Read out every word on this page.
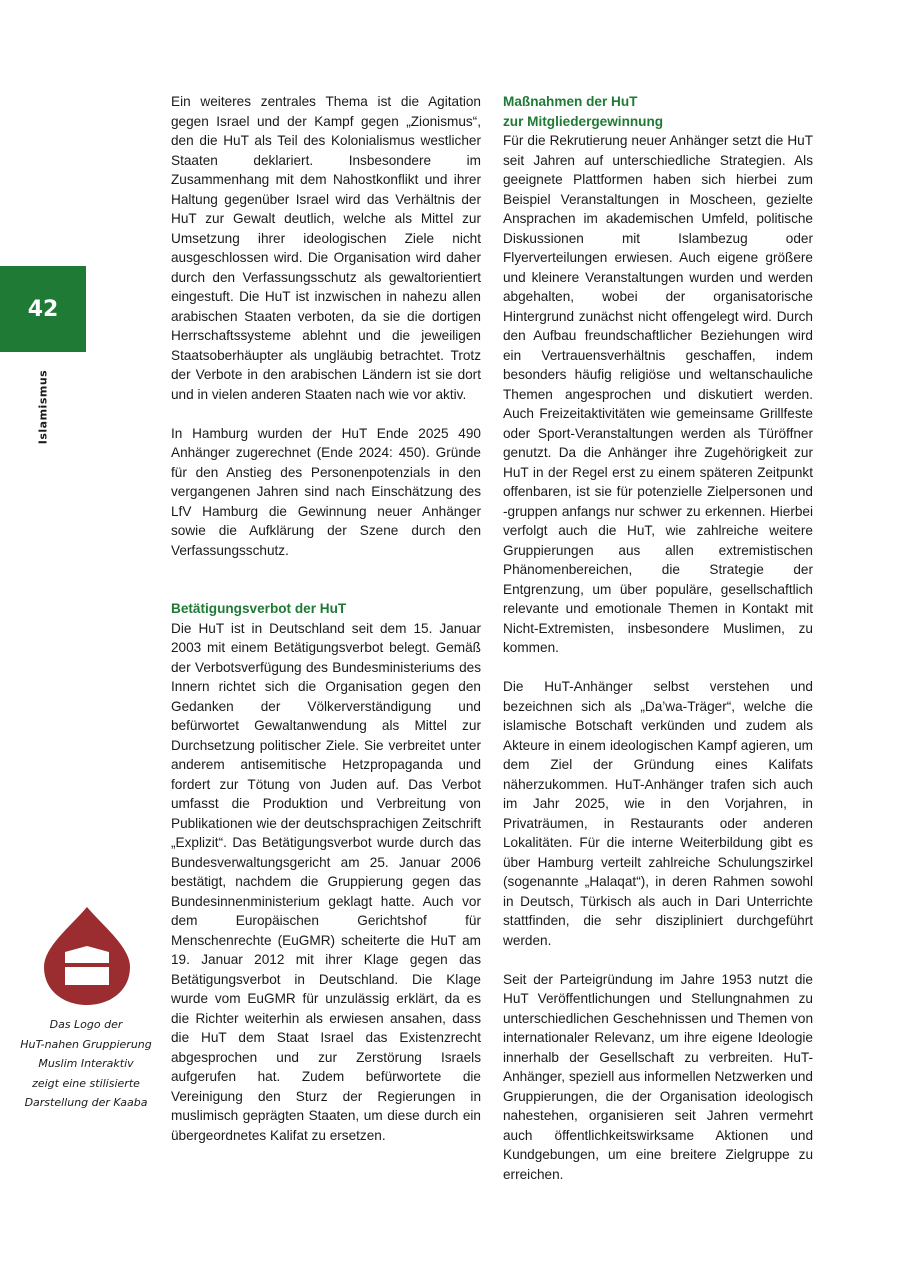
42
Islamismus
Das Logo der
HuT-nahen Gruppierung
Muslim Interaktiv
zeigt eine stilisierte
Darstellung der Kaaba

Ein weiteres zentrales Thema ist die Agitation gegen Israel und der Kampf gegen „Zionismus“, den die HuT als Teil des Kolonialismus westlicher Staaten deklariert. Insbesondere im Zusammenhang mit dem Nahostkonflikt und ihrer Haltung gegenüber Israel wird das Verhältnis der HuT zur Gewalt deutlich, welche als Mittel zur Umsetzung ihrer ideologischen Ziele nicht ausgeschlossen wird. Die Organisation wird daher durch den Verfassungsschutz als gewaltorientiert eingestuft. Die HuT ist inzwischen in nahezu allen arabischen Staaten verboten, da sie die dortigen Herrschaftssysteme ablehnt und die jeweiligen Staatsoberhäupter als ungläubig betrachtet. Trotz der Verbote in den arabischen Ländern ist sie dort und in vielen anderen Staaten nach wie vor aktiv.

In Hamburg wurden der HuT Ende 2025 490 Anhänger zugerechnet (Ende 2024: 450). Gründe für den Anstieg des Personenpotenzials in den vergangenen Jahren sind nach Einschätzung des LfV Hamburg die Gewinnung neuer Anhänger sowie die Aufklärung der Szene durch den Verfassungsschutz.

Betätigungsverbot der HuT

Die HuT ist in Deutschland seit dem 15. Januar 2003 mit einem Betätigungsverbot belegt. Gemäß der Verbotsverfügung des Bundesministeriums des Innern richtet sich die Organisation gegen den Gedanken der Völkerverständigung und befürwortet Gewaltanwendung als Mittel zur Durchsetzung politischer Ziele. Sie verbreitet unter anderem antisemitische Hetzpropaganda und fordert zur Tötung von Juden auf. Das Verbot umfasst die Produktion und Verbreitung von Publikationen wie der deutschsprachigen Zeitschrift „Explizit“. Das Betätigungsverbot wurde durch das Bundesverwaltungsgericht am 25. Januar 2006 bestätigt, nachdem die Gruppierung gegen das Bundesinnenministerium geklagt hatte. Auch vor dem Europäischen Gerichtshof für Menschenrechte (EuGMR) scheiterte die HuT am 19. Januar 2012 mit ihrer Klage gegen das Betätigungsverbot in Deutschland. Die Klage wurde vom EuGMR für unzulässig erklärt, da es die Richter weiterhin als erwiesen ansahen, dass die HuT dem Staat Israel das Existenzrecht abgesprochen und zur Zerstörung Israels aufgerufen hat. Zudem befürwortete die Vereinigung den Sturz der Regierungen in muslimisch geprägten Staaten, um diese durch ein übergeordnetes Kalifat zu ersetzen.

Maßnahmen der HuT
zur Mitgliedergewinnung

Für die Rekrutierung neuer Anhänger setzt die HuT seit Jahren auf unterschiedliche Strategien. Als geeignete Plattformen haben sich hierbei zum Beispiel Veranstaltungen in Moscheen, gezielte Ansprachen im akademischen Umfeld, politische Diskussionen mit Islambezug oder Flyerverteilungen erwiesen. Auch eigene größere und kleinere Veranstaltungen wurden und werden abgehalten, wobei der organisatorische Hintergrund zunächst nicht offengelegt wird. Durch den Aufbau freundschaftlicher Beziehungen wird ein Vertrauensverhältnis geschaffen, indem besonders häufig religiöse und weltanschauliche Themen angesprochen und diskutiert werden. Auch Freizeitaktivitäten wie gemeinsame Grillfeste oder Sport-Veranstaltungen werden als Türöffner genutzt. Da die Anhänger ihre Zugehörigkeit zur HuT in der Regel erst zu einem späteren Zeitpunkt offenbaren, ist sie für potenzielle Zielpersonen und -gruppen anfangs nur schwer zu erkennen. Hierbei verfolgt auch die HuT, wie zahlreiche weitere Gruppierungen aus allen extremistischen Phänomenbereichen, die Strategie der Entgrenzung, um über populäre, gesellschaftlich relevante und emotionale Themen in Kontakt mit Nicht-Extremisten, insbesondere Muslimen, zu kommen.

Die HuT-Anhänger selbst verstehen und bezeichnen sich als „Da’wa-Träger“, welche die islamische Botschaft verkünden und zudem als Akteure in einem ideologischen Kampf agieren, um dem Ziel der Gründung eines Kalifats näherzukommen. HuT-Anhänger trafen sich auch im Jahr 2025, wie in den Vorjahren, in Privaträumen, in Restaurants oder anderen Lokalitäten. Für die interne Weiterbildung gibt es über Hamburg verteilt zahlreiche Schulungszirkel (sogenannte „Halaqat“), in deren Rahmen sowohl in Deutsch, Türkisch als auch in Dari Unterrichte stattfinden, die sehr diszipliniert durchgeführt werden.

Seit der Parteigründung im Jahre 1953 nutzt die HuT Veröffentlichungen und Stellungnahmen zu unterschiedlichen Geschehnissen und Themen von internationaler Relevanz, um ihre eigene Ideologie innerhalb der Gesellschaft zu verbreiten. HuT-Anhänger, speziell aus informellen Netzwerken und Gruppierungen, die der Organisation ideologisch nahestehen, organisieren seit Jahren vermehrt auch öffentlichkeitswirksame Aktionen und Kundgebungen, um eine breitere Zielgruppe zu erreichen.
